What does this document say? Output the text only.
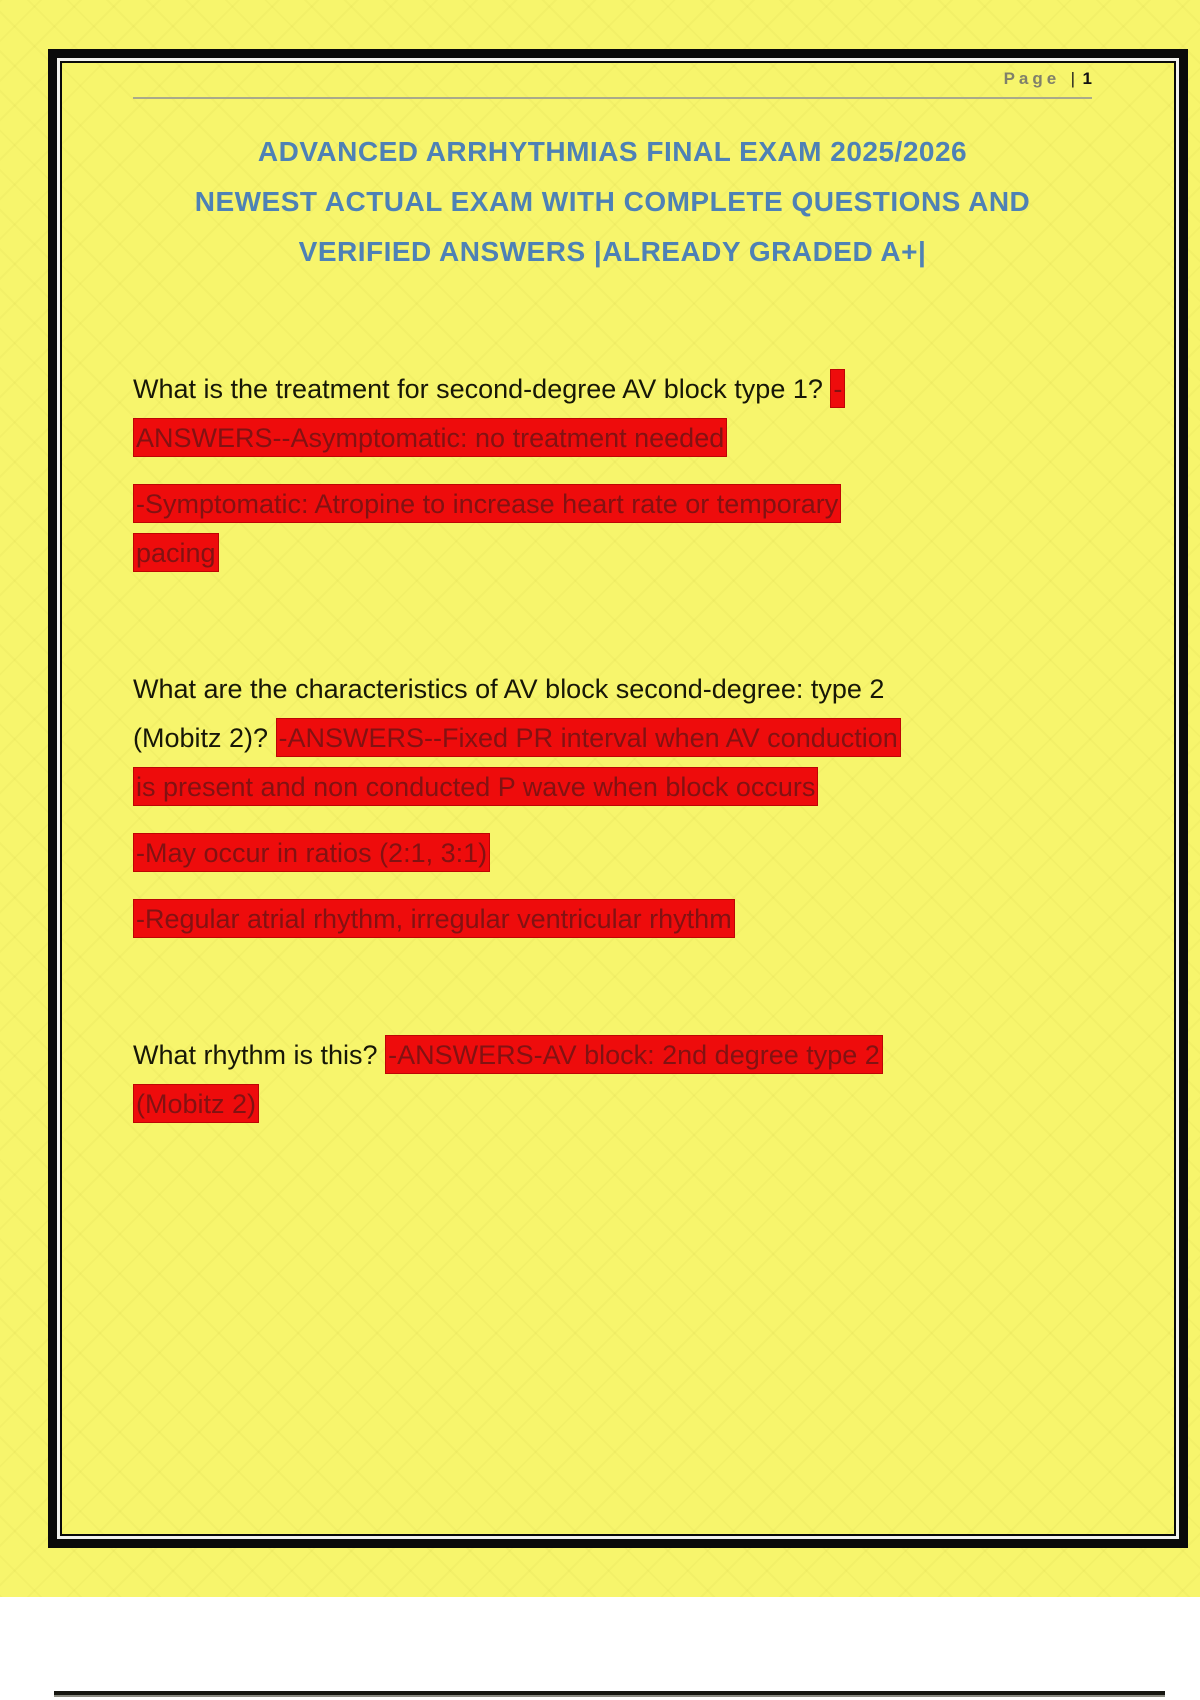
Page | 1
ADVANCED ARRHYTHMIAS FINAL EXAM 2025/2026
NEWEST ACTUAL EXAM WITH COMPLETE QUESTIONS AND
VERIFIED ANSWERS |ALREADY GRADED A+|
What is the treatment for second-degree AV block type 1? -
ANSWERS--Asymptomatic: no treatment needed
-Symptomatic: Atropine to increase heart rate or temporary
pacing
What are the characteristics of AV block second-degree: type 2
(Mobitz 2)? -ANSWERS--Fixed PR interval when AV conduction
is present and non conducted P wave when block occurs
-May occur in ratios (2:1, 3:1)
-Regular atrial rhythm, irregular ventricular rhythm
What rhythm is this? -ANSWERS-AV block: 2nd degree type 2
(Mobitz 2)
